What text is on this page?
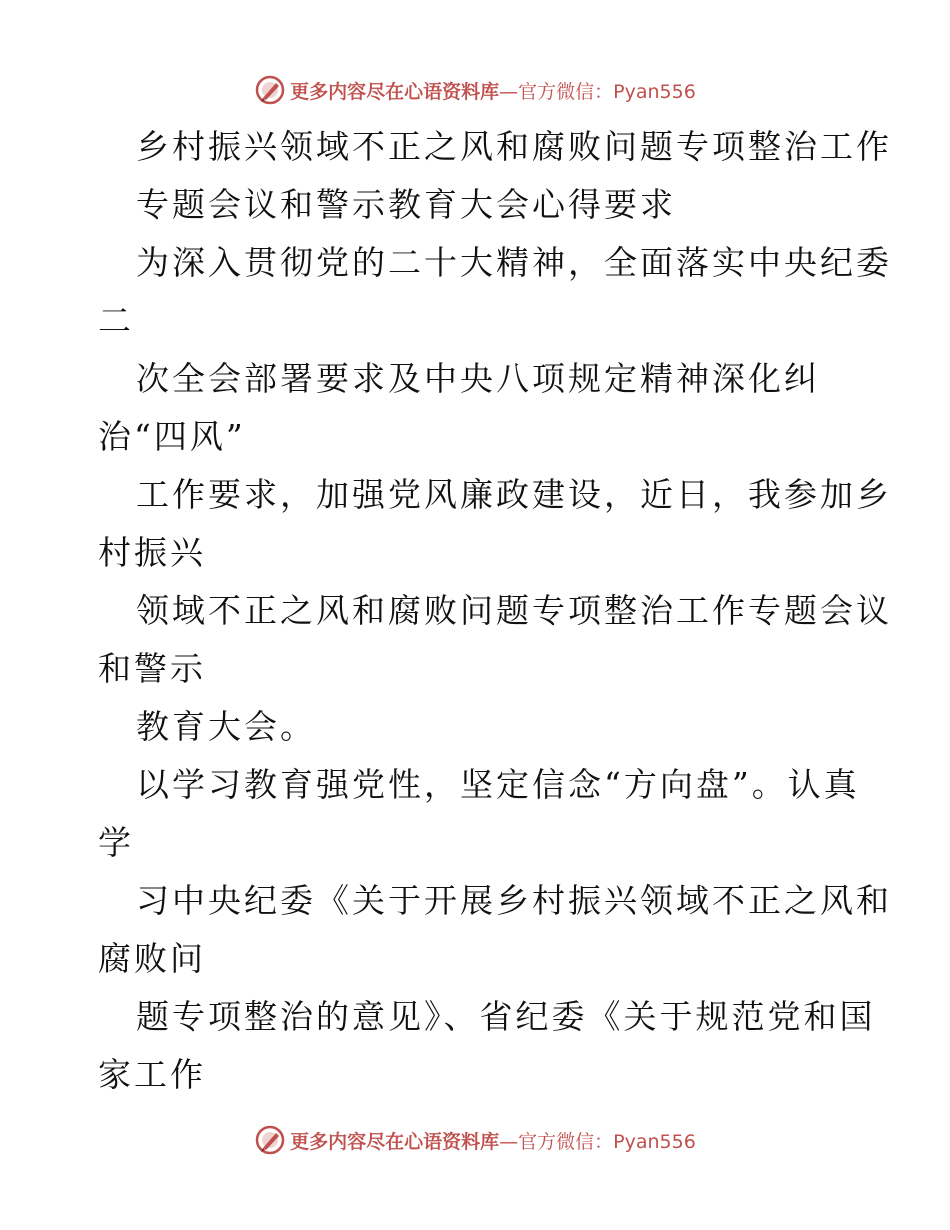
更多内容尽在心语资料库—官方微信：Pyan556
乡村振兴领域不正之风和腐败问题专项整治工作
专题会议和警示教育大会心得要求
为深入贯彻党的二十大精神，全面落实中央纪委
二
次全会部署要求及中央八项规定精神深化纠
治“四风”
工作要求，加强党风廉政建设，近日，我参加乡
村振兴
领域不正之风和腐败问题专项整治工作专题会议
和警示
教育大会。
以学习教育强党性，坚定信念“方向盘”。认真
学
习中央纪委《关于开展乡村振兴领域不正之风和
腐败问
题专项整治的意见》、省纪委《关于规范党和国
家工作
更多内容尽在心语资料库—官方微信：Pyan556
